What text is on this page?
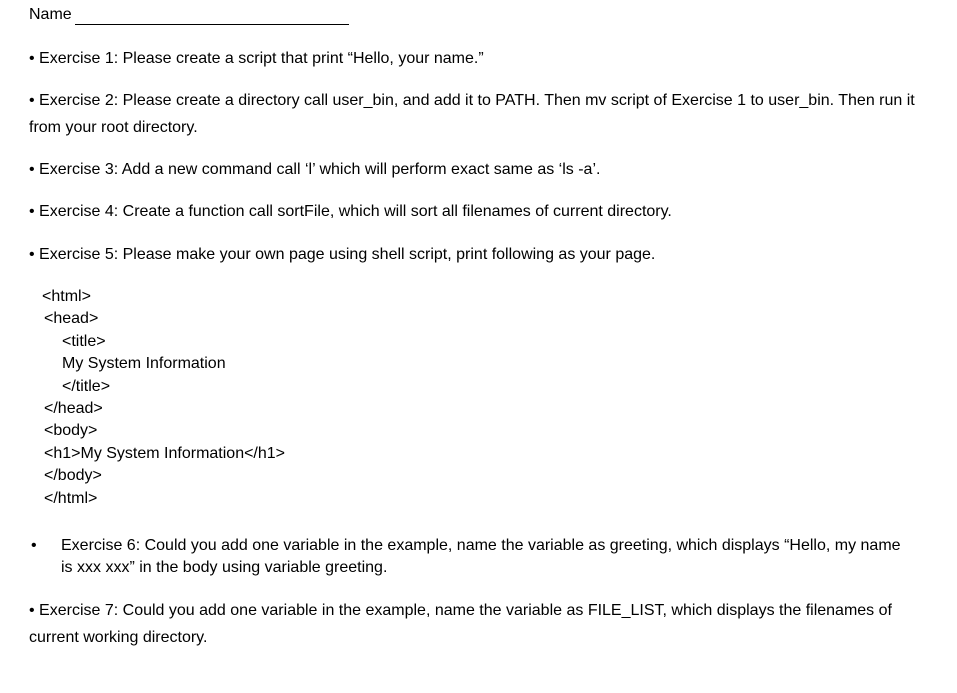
Name
• Exercise 1: Please create a script that print “Hello, your name.”
• Exercise 2: Please create a directory call user_bin, and add it to PATH. Then mv script of Exercise 1 to user_bin. Then run it from your root directory.
• Exercise 3: Add a new command call ‘l’ which will perform exact same as ‘ls -a’.
• Exercise 4: Create a function call sortFile, which will sort all filenames of current directory.
• Exercise 5: Please make your own page using shell script, print following as your page.
<html>
<head>
<title>
My System Information
</title>
</head>
<body>
<h1>My System Information</h1>
</body>
</html>
• Exercise 6: Could you add one variable in the example, name the variable as greeting, which displays “Hello, my name is xxx xxx” in the body using variable greeting.
• Exercise 7: Could you add one variable in the example, name the variable as FILE_LIST, which displays the filenames of current working directory.
